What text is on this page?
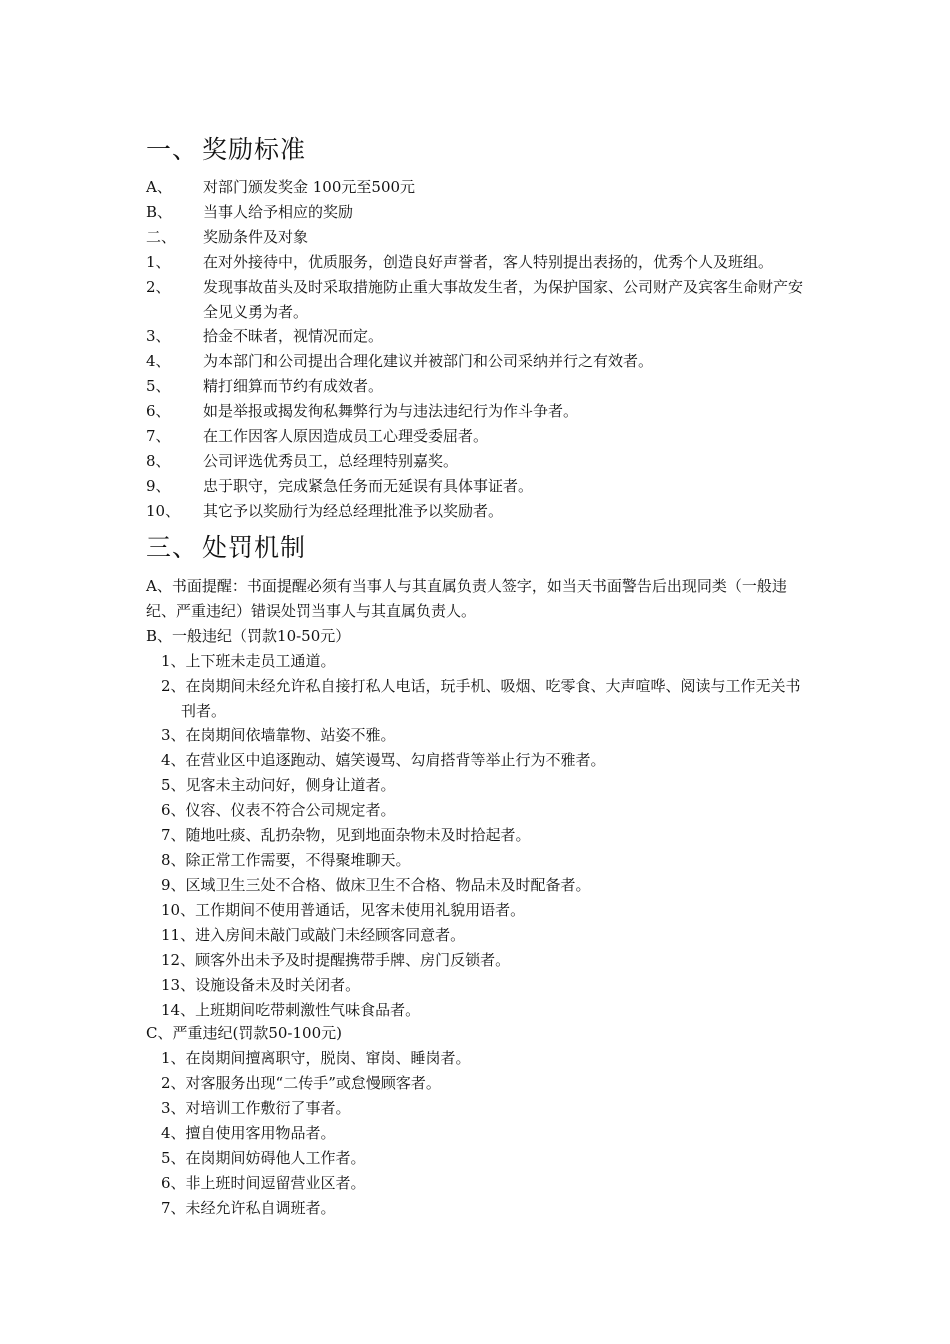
一、 奖励标准
A、 对部门颁发奖金 100元至500元
B、 当事人给予相应的奖励
二、 奖励条件及对象
1、 在对外接待中，优质服务，创造良好声誉者，客人特别提出表扬的，优秀个人及班组。
2、 发现事故苗头及时采取措施防止重大事故发生者，为保护国家、公司财产及宾客生命财产安全见义勇为者。
3、 拾金不昧者，视情况而定。
4、 为本部门和公司提出合理化建议并被部门和公司采纳并行之有效者。
5、 精打细算而节约有成效者。
6、 如是举报或揭发徇私舞弊行为与违法违纪行为作斗争者。
7、 在工作因客人原因造成员工心理受委屈者。
8、 公司评选优秀员工，总经理特别嘉奖。
9、 忠于职守，完成紧急任务而无延误有具体事证者。
10、 其它予以奖励行为经总经理批准予以奖励者。
三、 处罚机制
A、书面提醒：书面提醒必须有当事人与其直属负责人签字，如当天书面警告后出现同类（一般违纪、严重违纪）错误处罚当事人与其直属负责人。
B、一般违纪（罚款10-50元）
1、上下班未走员工通道。
2、在岗期间未经允许私自接打私人电话，玩手机、吸烟、吃零食、大声喧哗、阅读与工作无关书刊者。
3、在岗期间依墙靠物、站姿不雅。
4、在营业区中追逐跑动、嬉笑谩骂、勾肩搭背等举止行为不雅者。
5、见客未主动问好，侧身让道者。
6、仪容、仪表不符合公司规定者。
7、随地吐痰、乱扔杂物，见到地面杂物未及时拾起者。
8、除正常工作需要，不得聚堆聊天。
9、区域卫生三处不合格、做床卫生不合格、物品未及时配备者。
10、工作期间不使用普通话，见客未使用礼貌用语者。
11、进入房间未敲门或敲门未经顾客同意者。
12、顾客外出未予及时提醒携带手牌、房门反锁者。
13、设施设备未及时关闭者。
14、上班期间吃带刺激性气味食品者。
C、严重违纪(罚款50-100元)
1、在岗期间擅离职守，脱岗、窜岗、睡岗者。
2、对客服务出现“二传手”或怠慢顾客者。
3、对培训工作敷衍了事者。
4、擅自使用客用物品者。
5、在岗期间妨碍他人工作者。
6、非上班时间逗留营业区者。
7、未经允许私自调班者。
